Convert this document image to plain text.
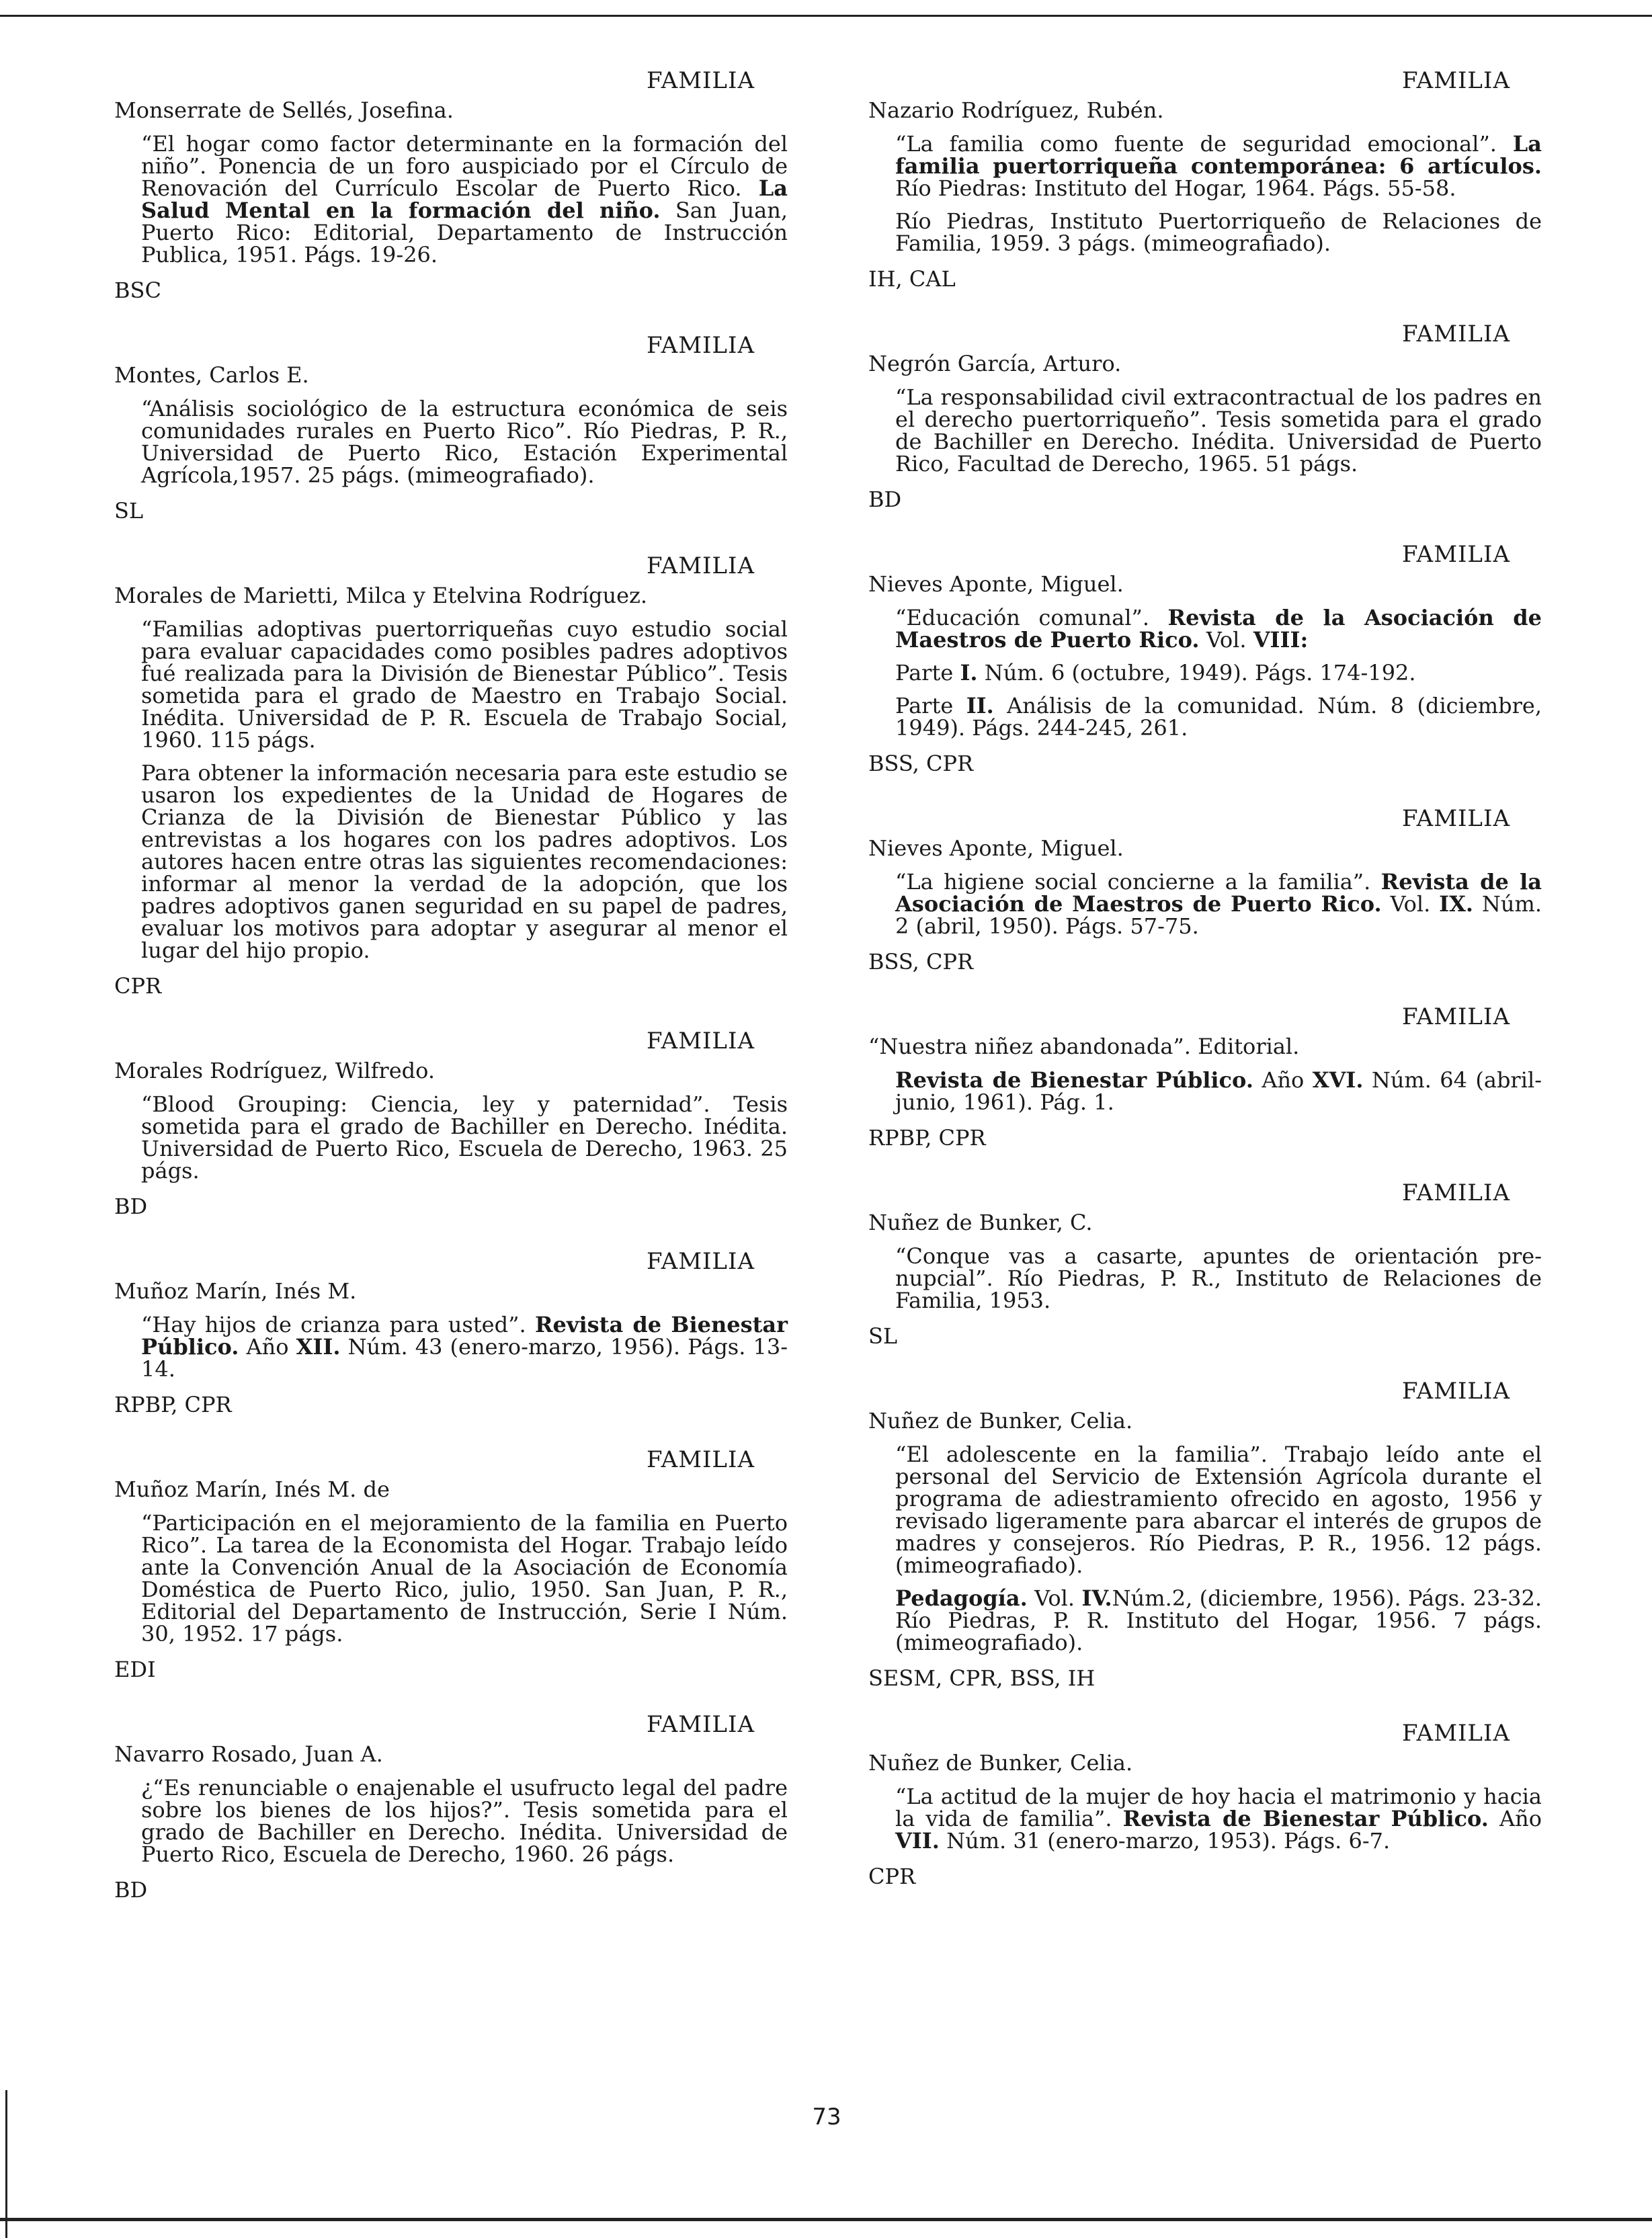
FAMILIA
Monserrate de Sellés, Josefina.
“El hogar como factor determinante en la formación del niño”. Ponencia de un foro auspiciado por el Círculo de Renovación del Currículo Escolar de Puerto Rico. La Salud Mental en la formación del niño. San Juan, Puerto Rico: Editorial, Departamento de Instrucción Publica, 1951. Págs. 19-26.
BSC
FAMILIA
Montes, Carlos E.
“Análisis sociológico de la estructura económica de seis comunidades rurales en Puerto Rico”. Río Piedras, P. R., Universidad de Puerto Rico, Estación Experimental Agrícola,1957. 25 págs. (mimeografiado).
SL
FAMILIA
Morales de Marietti, Milca y Etelvina Rodríguez.
“Familias adoptivas puertorriqueñas cuyo estudio social para evaluar capacidades como posibles padres adoptivos fué realizada para la División de Bienestar Público”. Tesis sometida para el grado de Maestro en Trabajo Social. Inédita. Universidad de P. R. Escuela de Trabajo Social, 1960. 115 págs.
Para obtener la información necesaria para este estudio se usaron los expedientes de la Unidad de Hogares de Crianza de la División de Bienestar Público y las entrevistas a los hogares con los padres adoptivos. Los autores hacen entre otras las siguientes recomendaciones: informar al menor la verdad de la adopción, que los padres adoptivos ganen seguridad en su papel de padres, evaluar los motivos para adoptar y asegurar al menor el lugar del hijo propio.
CPR
FAMILIA
Morales Rodríguez, Wilfredo.
“Blood Grouping: Ciencia, ley y paternidad”. Tesis sometida para el grado de Bachiller en Derecho. Inédita. Universidad de Puerto Rico, Escuela de Derecho, 1963. 25 págs.
BD
FAMILIA
Muñoz Marín, Inés M.
“Hay hijos de crianza para usted”. Revista de Bienestar Público. Año XII. Núm. 43 (enero-marzo, 1956). Págs. 13-14.
RPBP, CPR
FAMILIA
Muñoz Marín, Inés M. de
“Participación en el mejoramiento de la familia en Puerto Rico”. La tarea de la Economista del Hogar. Trabajo leído ante la Convención Anual de la Asociación de Economía Doméstica de Puerto Rico, julio, 1950. San Juan, P. R., Editorial del Departamento de Instrucción, Serie I Núm. 30, 1952. 17 págs.
EDI
FAMILIA
Navarro Rosado, Juan A.
¿“Es renunciable o enajenable el usufructo legal del padre sobre los bienes de los hijos?”. Tesis sometida para el grado de Bachiller en Derecho. Inédita. Universidad de Puerto Rico, Escuela de Derecho, 1960. 26 págs.
BD
FAMILIA
Nazario Rodríguez, Rubén.
“La familia como fuente de seguridad emocional”. La familia puertorriqueña contemporánea: 6 artículos. Río Piedras: Instituto del Hogar, 1964. Págs. 55-58.
Río Piedras, Instituto Puertorriqueño de Relaciones de Familia, 1959. 3 págs. (mimeografiado).
IH, CAL
FAMILIA
Negrón García, Arturo.
“La responsabilidad civil extracontractual de los padres en el derecho puertorriqueño”. Tesis sometida para el grado de Bachiller en Derecho. Inédita. Universidad de Puerto Rico, Facultad de Derecho, 1965. 51 págs.
BD
FAMILIA
Nieves Aponte, Miguel.
“Educación comunal”. Revista de la Asociación de Maestros de Puerto Rico. Vol. VIII:
Parte I. Núm. 6 (octubre, 1949). Págs. 174-192.
Parte II. Análisis de la comunidad. Núm. 8 (diciembre, 1949). Págs. 244-245, 261.
BSS, CPR
FAMILIA
Nieves Aponte, Miguel.
“La higiene social concierne a la familia”. Revista de la Asociación de Maestros de Puerto Rico. Vol. IX. Núm. 2 (abril, 1950). Págs. 57-75.
BSS, CPR
FAMILIA
“Nuestra niñez abandonada”. Editorial.
Revista de Bienestar Público. Año XVI. Núm. 64 (abril-junio, 1961). Pág. 1.
RPBP, CPR
FAMILIA
Nuñez de Bunker, C.
“Conque vas a casarte, apuntes de orientación pre-nupcial”. Río Piedras, P. R., Instituto de Relaciones de Familia, 1953.
SL
FAMILIA
Nuñez de Bunker, Celia.
“El adolescente en la familia”. Trabajo leído ante el personal del Servicio de Extensión Agrícola durante el programa de adiestramiento ofrecido en agosto, 1956 y revisado ligeramente para abarcar el interés de grupos de madres y consejeros. Río Piedras, P. R., 1956. 12 págs. (mimeografiado).
Pedagogía. Vol. IV.Núm.2, (diciembre, 1956). Págs. 23-32. Río Piedras, P. R. Instituto del Hogar, 1956. 7 págs. (mimeografiado).
SESM, CPR, BSS, IH
FAMILIA
Nuñez de Bunker, Celia.
“La actitud de la mujer de hoy hacia el matrimonio y hacia la vida de familia”. Revista de Bienestar Público. Año VII. Núm. 31 (enero-marzo, 1953). Págs. 6-7.
CPR
73
